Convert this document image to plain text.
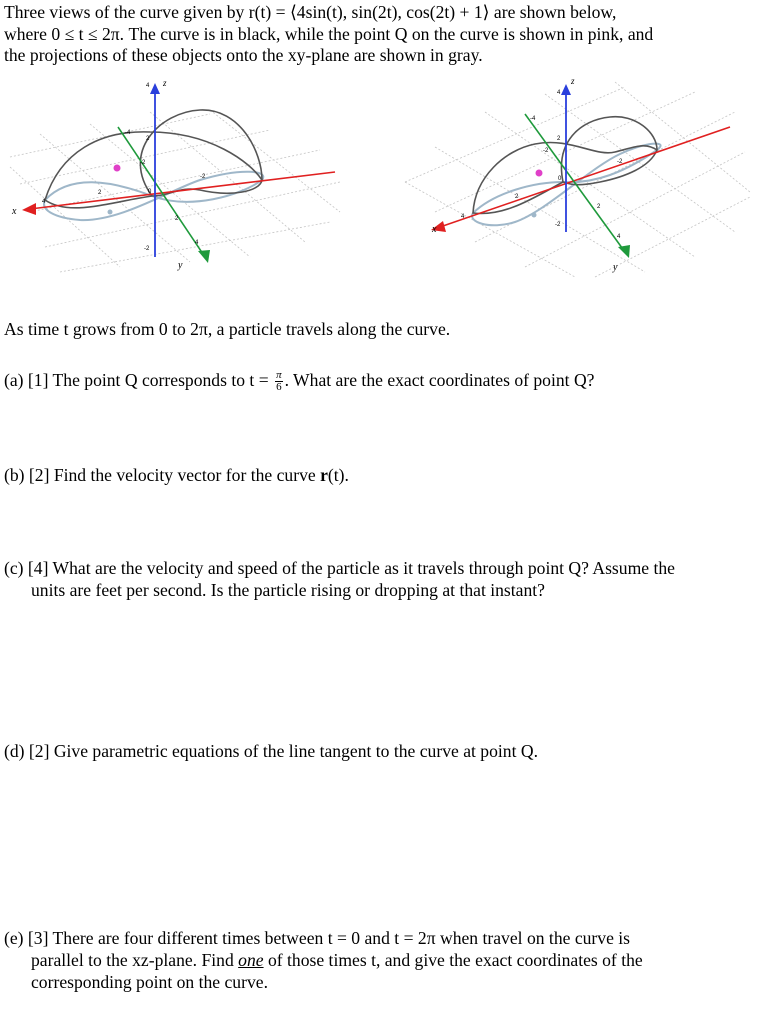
Three views of the curve given by r(t) = ⟨4sin(t), sin(2t), cos(2t) + 1⟩ are shown below,
where 0 ≤ t ≤ 2π. The curve is in black, while the point Q on the curve is shown in pink, and
the projections of these objects onto the xy-plane are shown in gray.
x
y
z
4
2
-2
-4
-2
2
4
4
2
-2
0
x
y
z
4
2
-2
-4
-2
2
4
4
2
-2
0
As time t grows from 0 to 2π, a particle travels along the curve.
(a) [1] The point Q corresponds to $t = \frac{\pi}{6}$ . What are the exact coordinates of point Q?
(b) [2] Find the velocity vector for the curve r(t).
(c) [4] What are the velocity and speed of the particle as it travels through point Q? Assume the
units are feet per second. Is the particle rising or dropping at that instant?
(d) [2] Give parametric equations of the line tangent to the curve at point Q.
(e) [3] There are four different times between t = 0 and t = 2π when travel on the curve is
parallel to the xz-plane. Find one of those times t, and give the exact coordinates of the
corresponding point on the curve.
